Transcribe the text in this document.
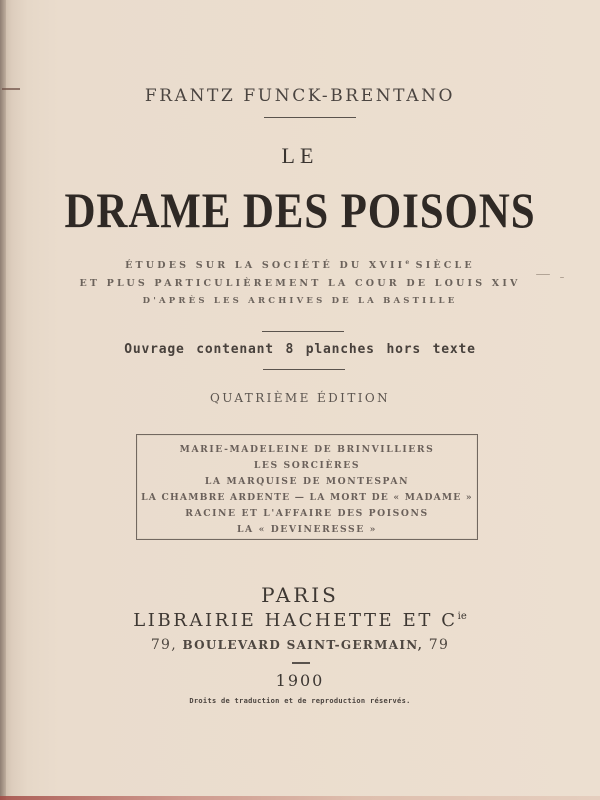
FRANTZ FUNCK-BRENTANO
LE
DRAME DES POISONS
ÉTUDES SUR LA SOCIÉTÉ DU XVIIe SIÈCLE
ET PLUS PARTICULIÈREMENT LA COUR DE LOUIS XIV
D'APRÈS LES ARCHIVES DE LA BASTILLE
Ouvrage contenant 8 planches hors texte
QUATRIÈME ÉDITION
MARIE-MADELEINE DE BRINVILLIERS
LES SORCIÈRES
LA MARQUISE DE MONTESPAN
LA CHAMBRE ARDENTE — LA MORT DE « MADAME »
RACINE ET L'AFFAIRE DES POISONS
LA « DEVINERESSE »
PARIS
LIBRAIRIE HACHETTE ET $C^{ie}$
79, BOULEVARD SAINT-GERMAIN, 79
1900
Droits de traduction et de reproduction réservés.
